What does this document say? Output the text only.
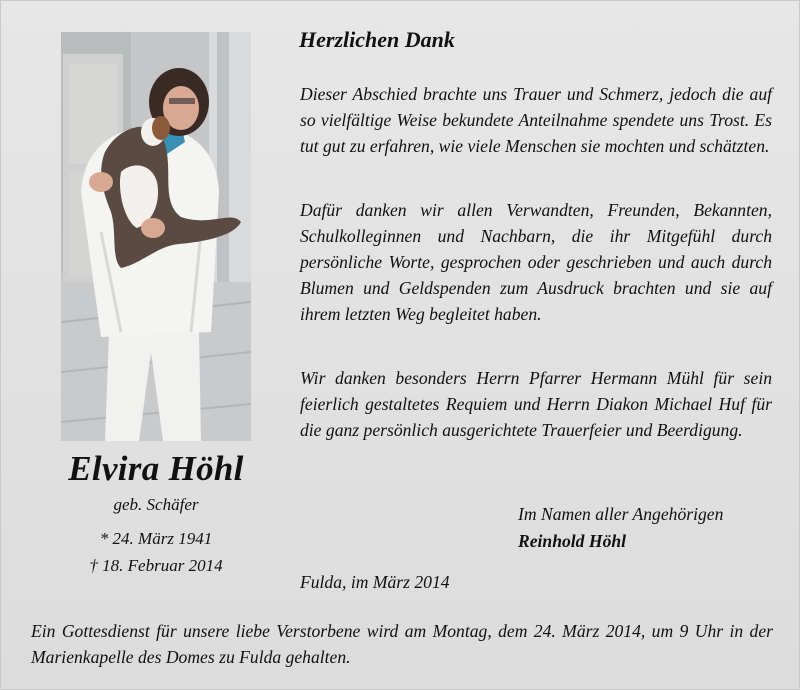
Elvira Höhl
geb. Schäfer
* 24. März 1941
† 18. Februar 2014
Herzlichen Dank

Dieser Abschied brachte uns Trauer und Schmerz, jedoch die auf so vielfältige Weise bekundete Anteilnahme spendete uns Trost. Es tut gut zu erfahren, wie viele Menschen sie mochten und schätzten.

Dafür danken wir allen Verwandten, Freunden, Bekannten, Schulkolleginnen und Nachbarn, die ihr Mitgefühl durch persönliche Worte, gesprochen oder geschrieben und auch durch Blumen und Geldspenden zum Ausdruck brachten und sie auf ihrem letzten Weg begleitet haben.

Wir danken besonders Herrn Pfarrer Hermann Mühl für sein feierlich gestaltetes Requiem und Herrn Diakon Michael Huf für die ganz persönlich ausgerichtete Trauerfeier und Beerdigung.

Im Namen aller Angehörigen
Reinhold Höhl
Fulda, im März 2014

Ein Gottesdienst für unsere liebe Verstorbene wird am Montag, dem 24. März 2014, um 9 Uhr in der Marienkapelle des Domes zu Fulda gehalten.
